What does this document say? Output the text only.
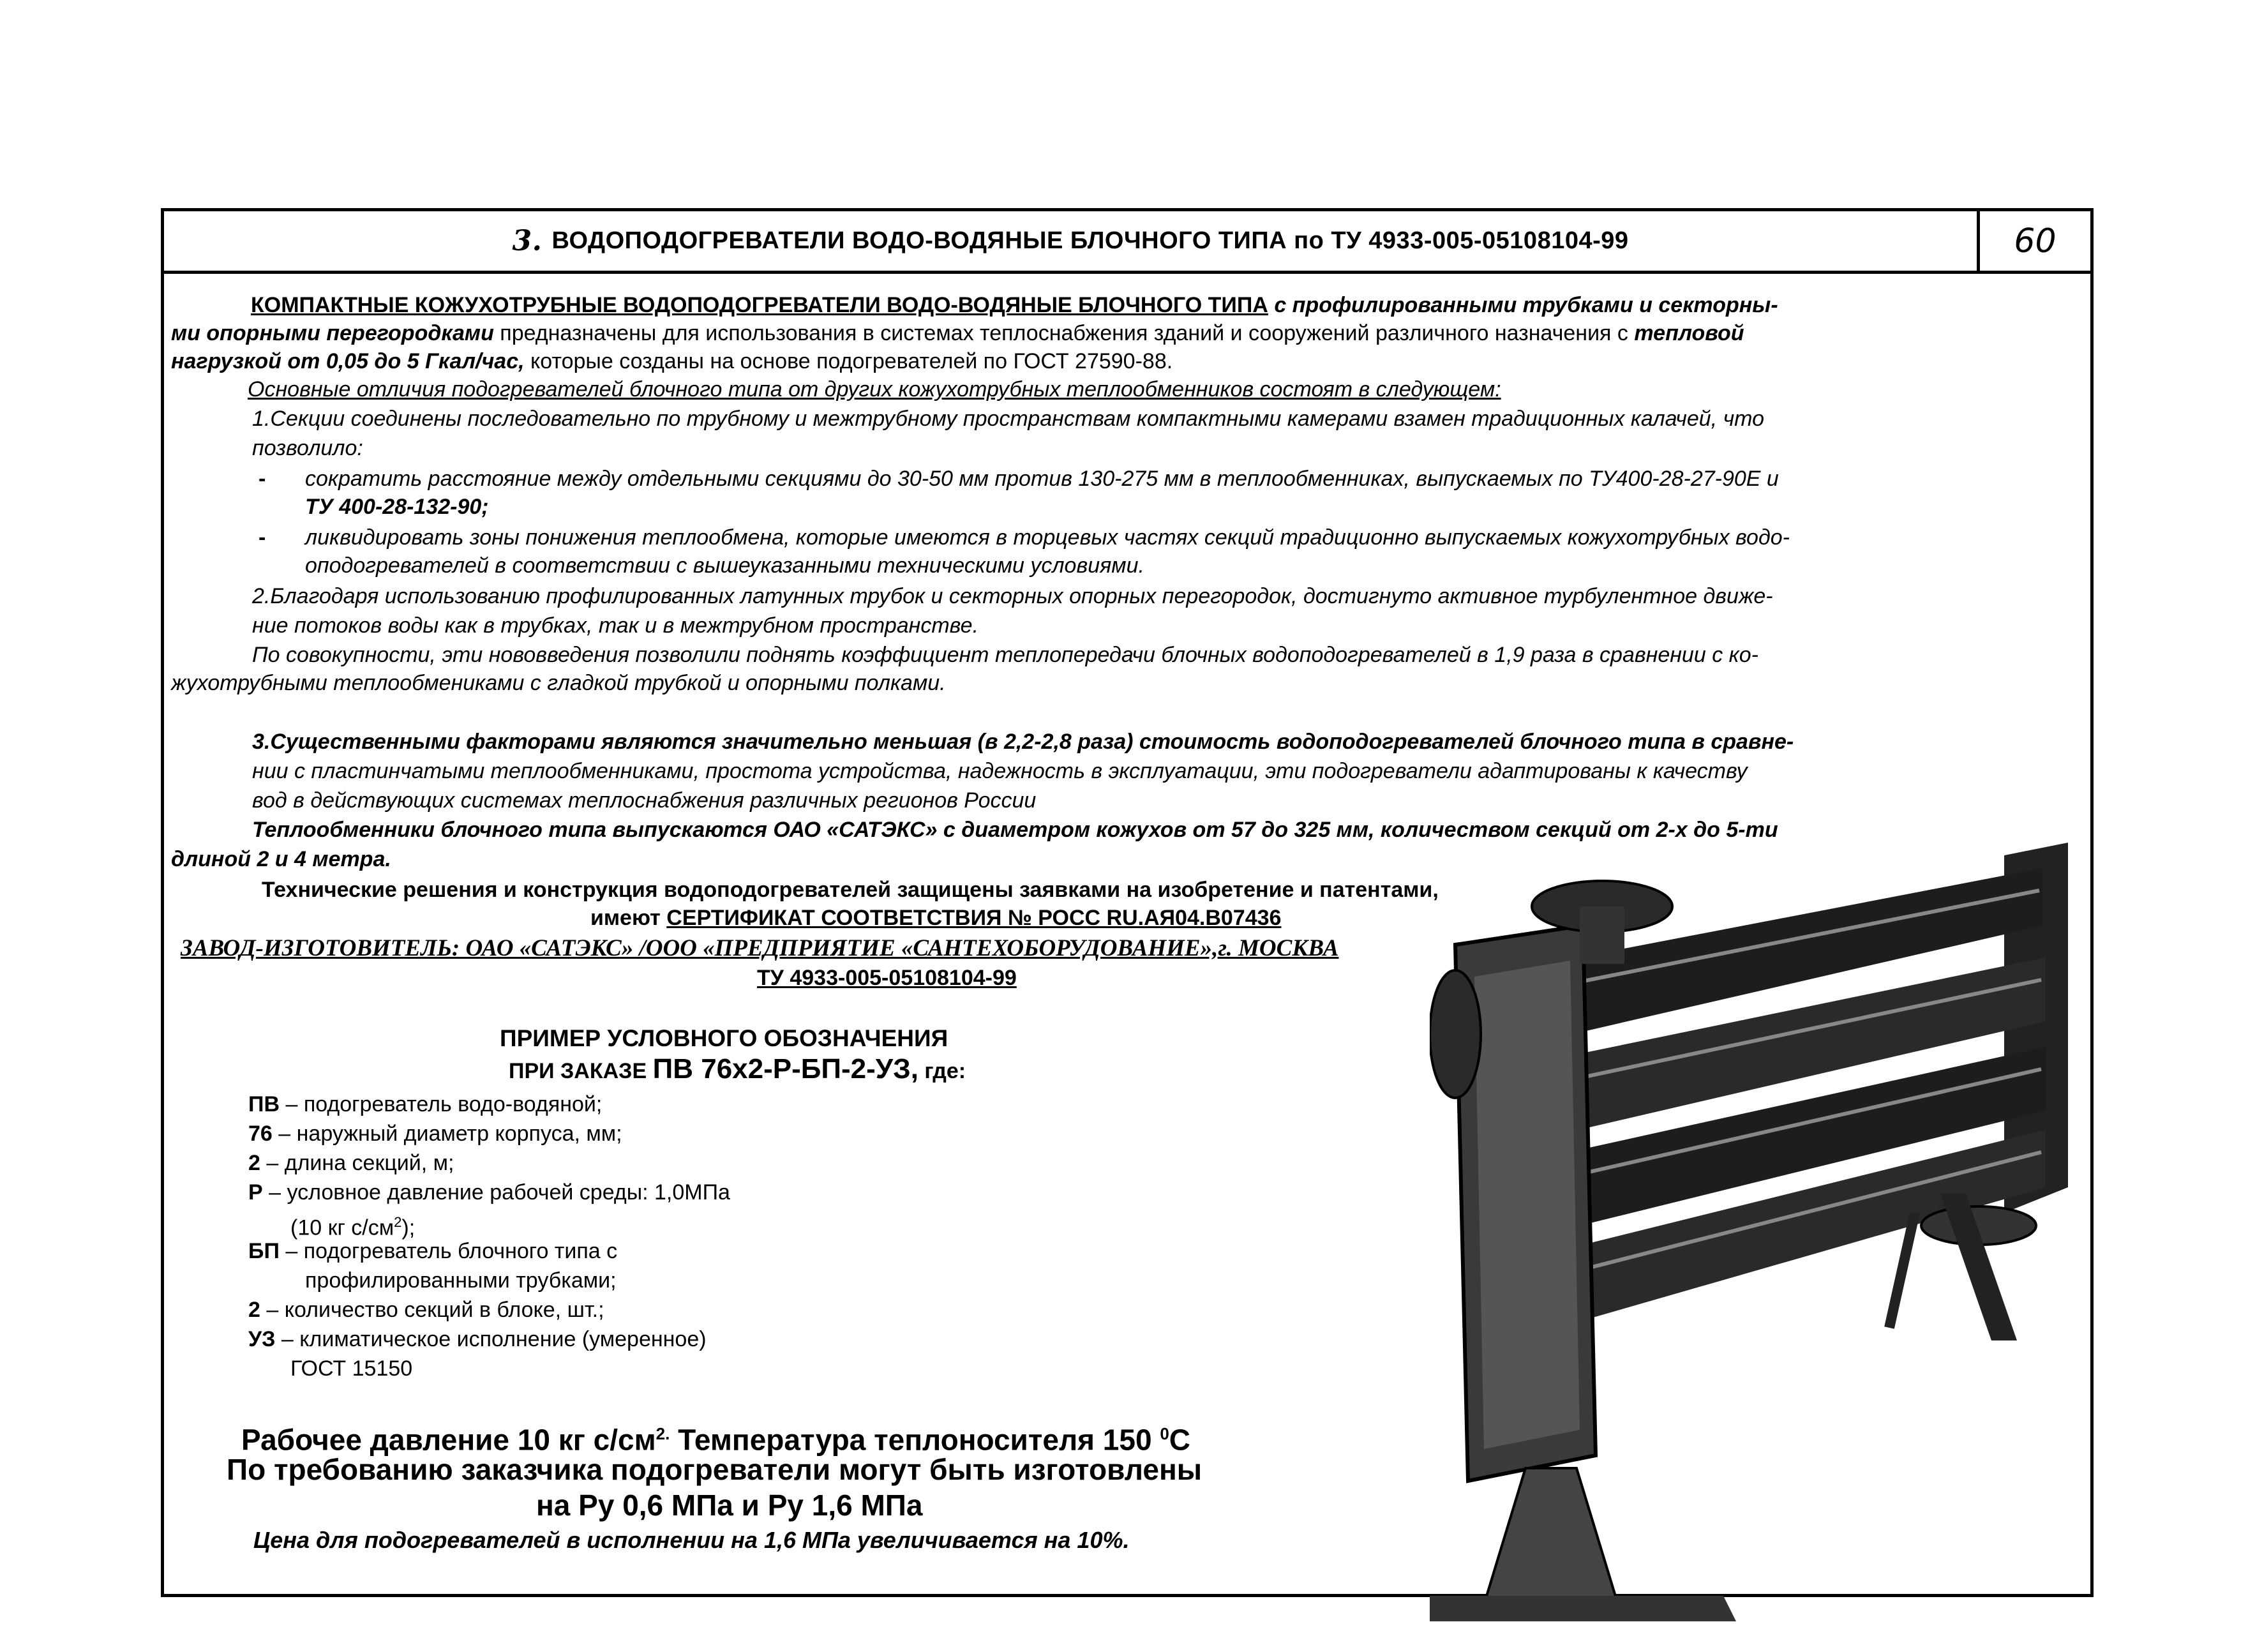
3.
ВОДОПОДОГРЕВАТЕЛИ ВОДО-ВОДЯНЫЕ БЛОЧНОГО ТИПА по ТУ 4933-005-05108104-99	60
КОМПАКТНЫЕ КОЖУХОТРУБНЫЕ ВОДОПОДОГРЕВАТЕЛИ ВОДО-ВОДЯНЫЕ БЛОЧНОГО ТИПА с профилированными трубками и секторны-
ми опорными перегородками предназначены для использования в системах теплоснабжения зданий и сооружений различного назначения с тепловой
нагрузкой от 0,05 до 5 Гкал/час, которые созданы на основе подогревателей по ГОСТ 27590-88.
Основные отличия подогревателей блочного типа от других кожухотрубных теплообменников состоят в следующем:
1.Секции соединены последовательно по трубному и межтрубному пространствам компактными камерами взамен традиционных калачей, что
позволило:
- сократить расстояние между отдельными секциями до 30-50 мм против 130-275 мм в теплообменниках, выпускаемых по ТУ400-28-27-90Е и
ТУ 400-28-132-90;
- ликвидировать зоны понижения теплообмена, которые имеются в торцевых частях секций традиционно выпускаемых кожухотрубных водо-
оподогревателей в соответствии с вышеуказанными техническими условиями.
2.Благодаря использованию профилированных латунных трубок и секторных опорных перегородок, достигнуто активное турбулентное движе-
ние потоков воды как в трубках, так и в межтрубном пространстве.
По совокупности, эти нововведения позволили поднять коэффициент теплопередачи блочных водоподогревателей в 1,9 раза в сравнении с ко-
жухотрубными теплообмениками с гладкой трубкой и опорными полками.
3.Существенными факторами являются значительно меньшая (в 2,2-2,8 раза) стоимость водоподогревателей блочного типа в сравне-
нии с пластинчатыми теплообменниками, простота устройства, надежность в эксплуатации, эти подогреватели адаптированы к качеству
вод в действующих системах теплоснабжения различных регионов России
Теплообменники блочного типа выпускаются ОАО «САТЭКС» с диаметром кожухов от 57 до 325 мм, количеством секций от 2-х до 5-ти
длиной 2 и 4 метра.
Технические решения и конструкция водоподогревателей защищены заявками на изобретение и патентами,
имеют СЕРТИФИКАТ СООТВЕТСТВИЯ № РОСС RU.AЯ04.B07436
ЗАВОД-ИЗГОТОВИТЕЛЬ: ОАО «САТЭКС» /ООО «ПРЕДПРИЯТИЕ «САНТЕХОБОРУДОВАНИЕ»,г. МОСКВА
ТУ 4933-005-05108104-99
ПРИМЕР УСЛОВНОГО ОБОЗНАЧЕНИЯ
ПРИ ЗАКАЗЕ ПВ 76х2-Р-БП-2-УЗ, где:
ПВ – подогреватель водо-водяной;
76 – наружный диаметр корпуса, мм;
2 – длина секций, м;
Р – условное давление рабочей среды: 1,0МПа
(10 кг $с/см^2$);
БП – подогреватель блочного типа с
профилированными трубками;
2 – количество секций в блоке, шт.;
УЗ – климатическое исполнение (умеренное)
ГОСТ 15150
Рабочее давление 10 кг $с/см^{2.}$ Температура теплоносителя 150 $^0$С
По требованию заказчика подогреватели могут быть изготовлены
на Ру 0,6 МПа и Ру 1,6 МПа
Цена для подогревателей в исполнении на 1,6 МПа увеличивается на 10%.
